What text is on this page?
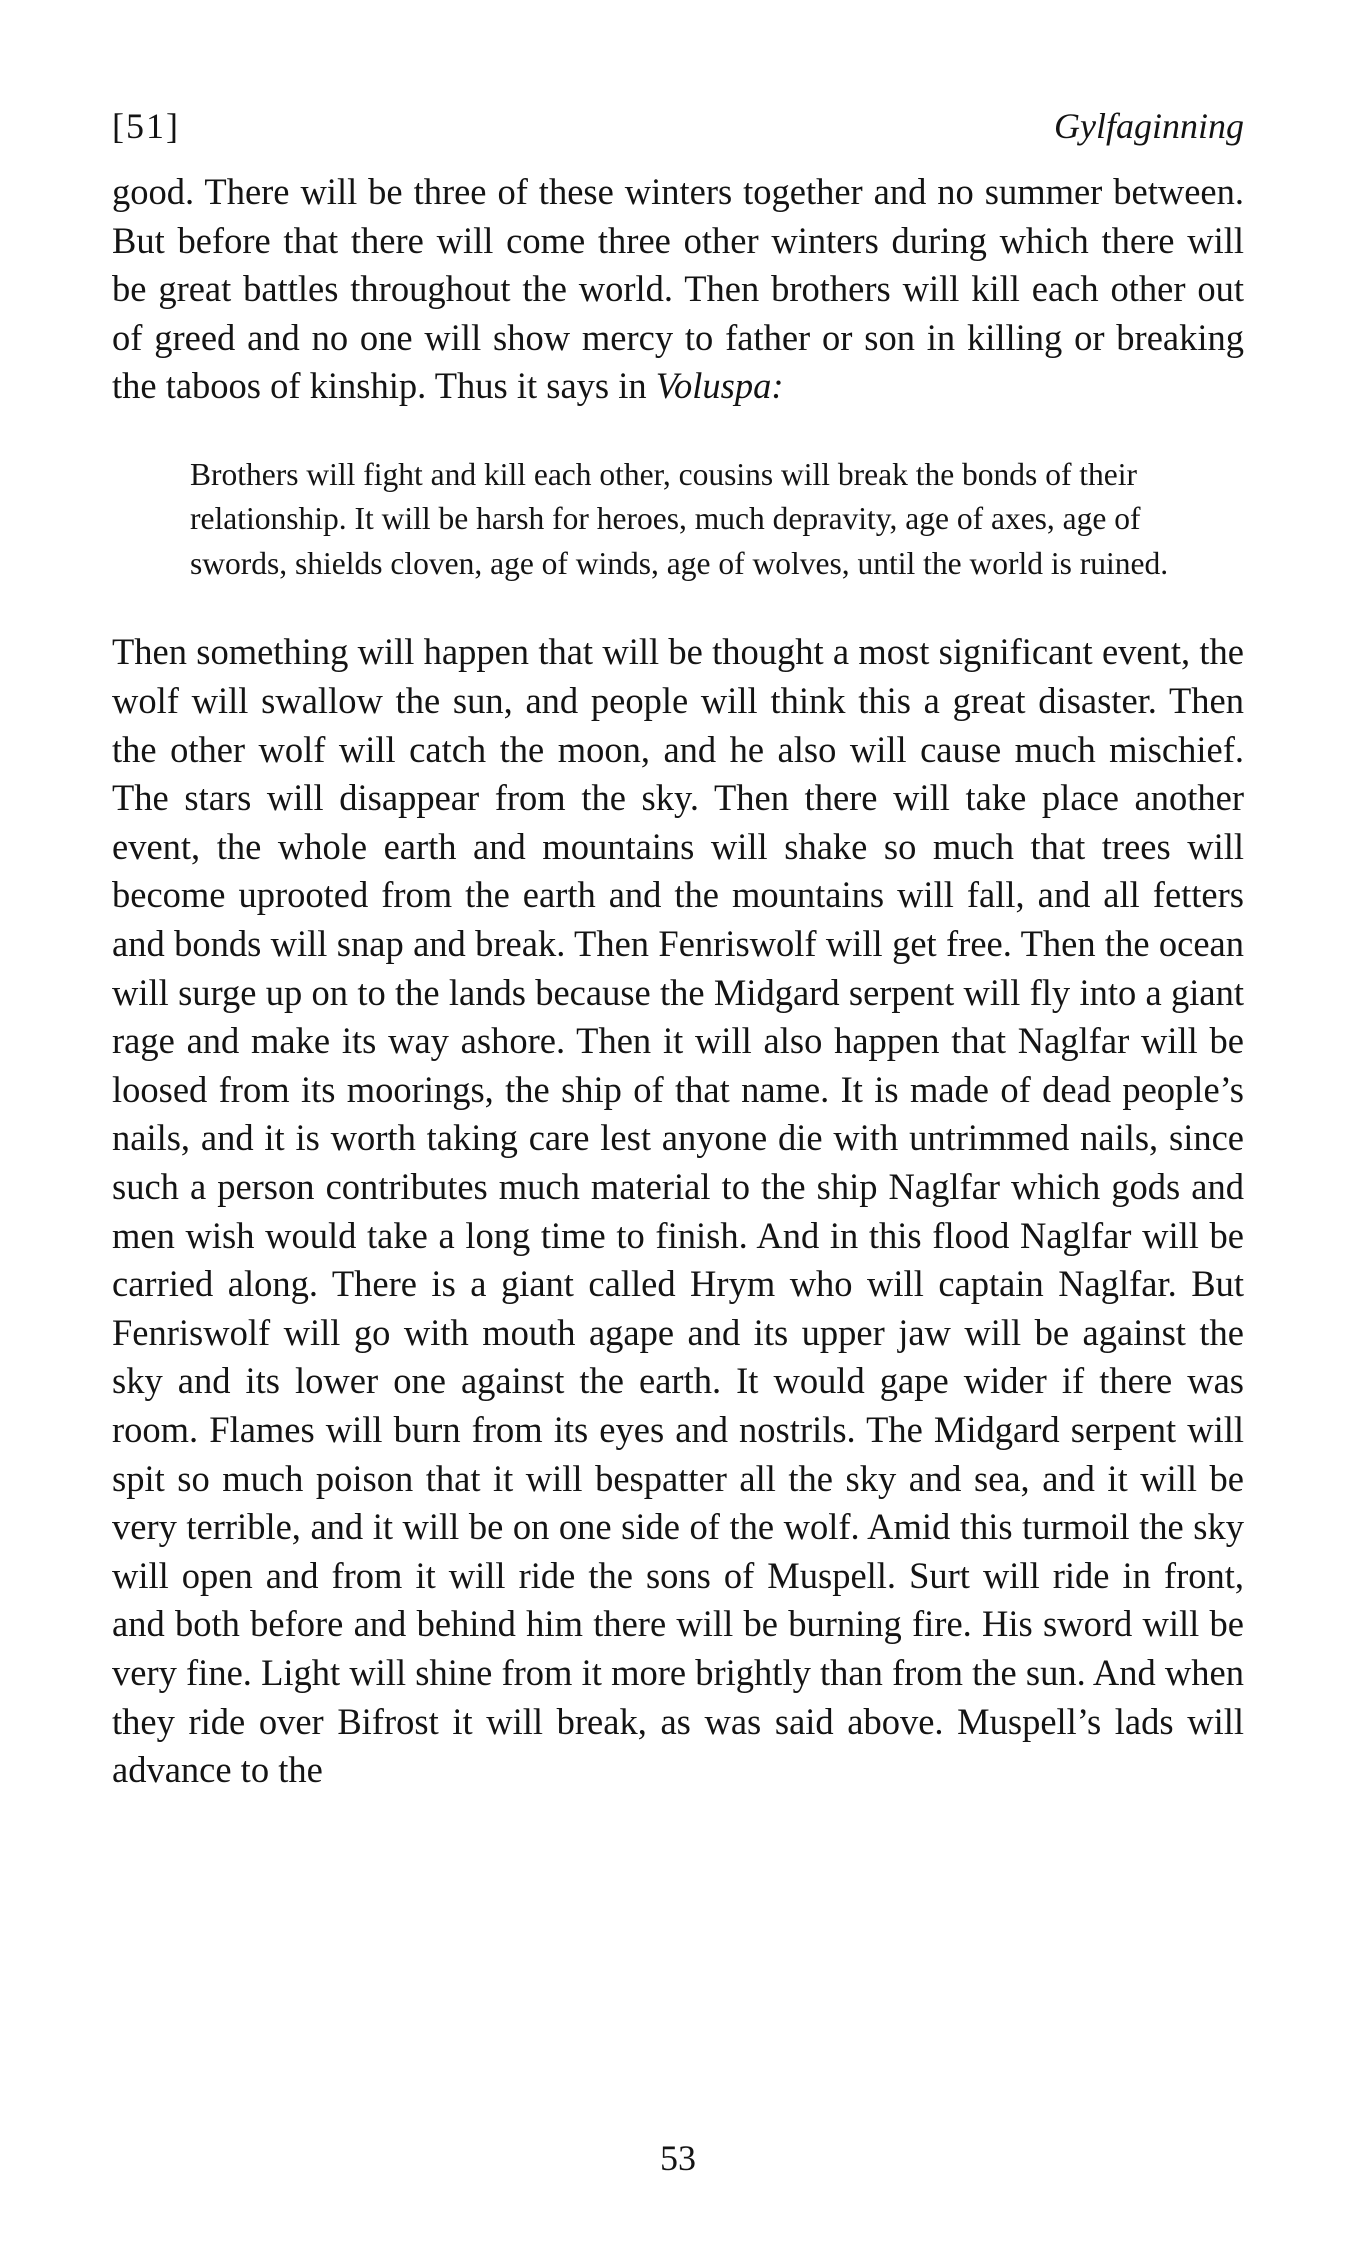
[51]	Gylfaginning

good. There will be three of these winters together and no summer between. But before that there will come three other winters during which there will be great battles throughout the world. Then brothers will kill each other out of greed and no one will show mercy to father or son in killing or breaking the taboos of kinship. Thus it says in Voluspa:

Brothers will fight and kill each other, cousins will break the bonds of their relationship. It will be harsh for heroes, much depravity, age of axes, age of swords, shields cloven, age of winds, age of wolves, until the world is ruined.

Then something will happen that will be thought a most significant event, the wolf will swallow the sun, and people will think this a great disaster. Then the other wolf will catch the moon, and he also will cause much mischief. The stars will disappear from the sky. Then there will take place another event, the whole earth and mountains will shake so much that trees will become uprooted from the earth and the mountains will fall, and all fetters and bonds will snap and break. Then Fenriswolf will get free. Then the ocean will surge up on to the lands because the Midgard serpent will fly into a giant rage and make its way ashore. Then it will also happen that Naglfar will be loosed from its moorings, the ship of that name. It is made of dead people’s nails, and it is worth taking care lest anyone die with untrimmed nails, since such a person contributes much material to the ship Naglfar which gods and men wish would take a long time to finish. And in this flood Naglfar will be carried along. There is a giant called Hrym who will captain Naglfar. But Fenriswolf will go with mouth agape and its upper jaw will be against the sky and its lower one against the earth. It would gape wider if there was room. Flames will burn from its eyes and nostrils. The Midgard serpent will spit so much poison that it will bespatter all the sky and sea, and it will be very terrible, and it will be on one side of the wolf. Amid this turmoil the sky will open and from it will ride the sons of Muspell. Surt will ride in front, and both before and behind him there will be burning fire. His sword will be very fine. Light will shine from it more brightly than from the sun. And when they ride over Bifrost it will break, as was said above. Muspell’s lads will advance to the

53
